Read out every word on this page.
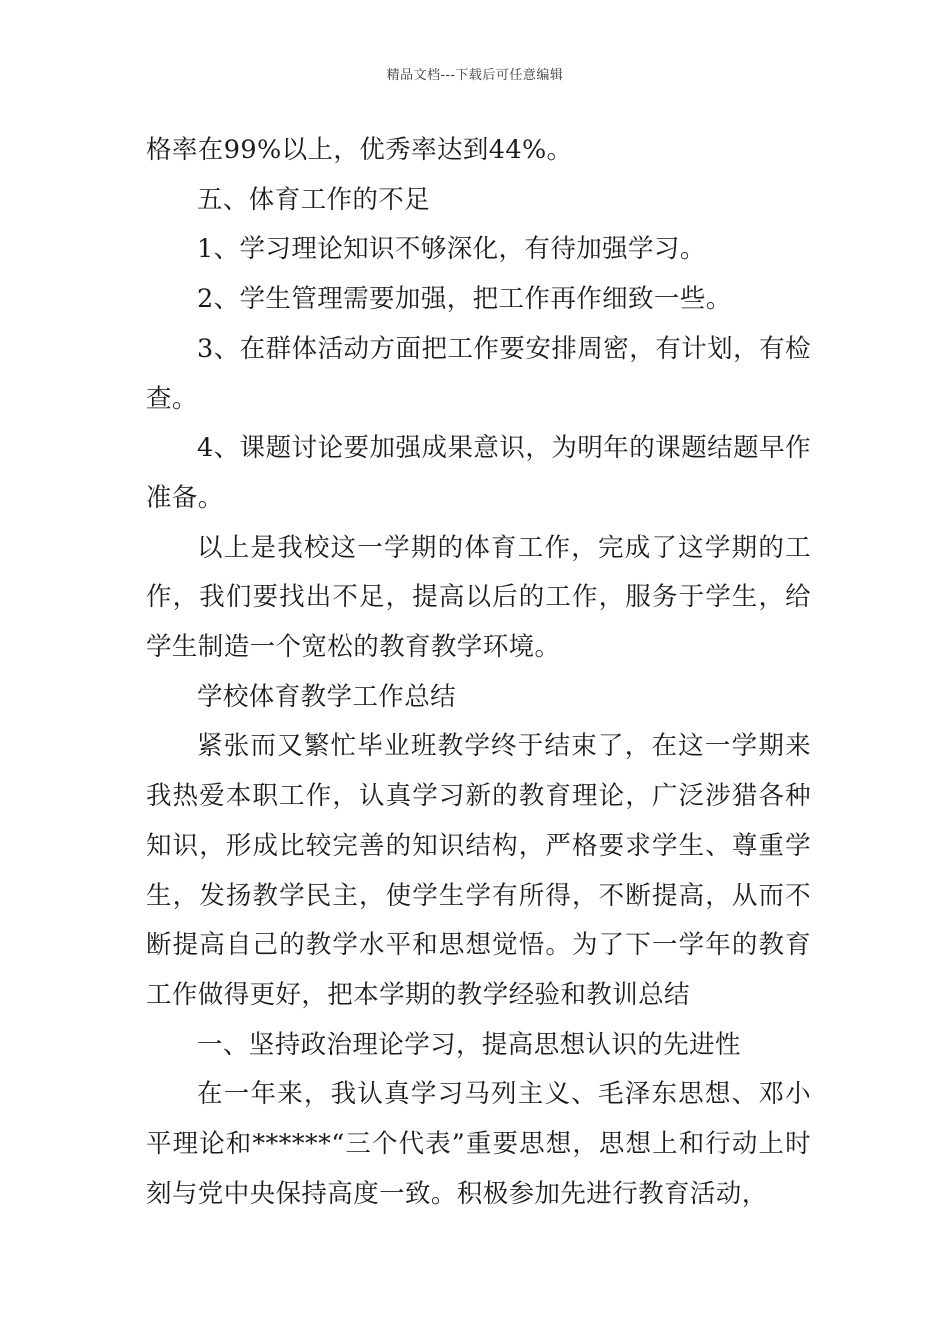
精品文档---下载后可任意编辑

格率在99%以上，优秀率达到44%。

五、体育工作的不足

1、学习理论知识不够深化，有待加强学习。

2、学生管理需要加强，把工作再作细致一些。

3、在群体活动方面把工作要安排周密，有计划，有检查。

4、课题讨论要加强成果意识，为明年的课题结题早作准备。

以上是我校这一学期的体育工作，完成了这学期的工作，我们要找出不足，提高以后的工作，服务于学生，给学生制造一个宽松的教育教学环境。

学校体育教学工作总结

紧张而又繁忙毕业班教学终于结束了，在这一学期来我热爱本职工作，认真学习新的教育理论，广泛涉猎各种知识，形成比较完善的知识结构，严格要求学生、尊重学生，发扬教学民主，使学生学有所得，不断提高，从而不断提高自己的教学水平和思想觉悟。为了下一学年的教育工作做得更好，把本学期的教学经验和教训总结

一、坚持政治理论学习，提高思想认识的先进性

在一年来，我认真学习马列主义、毛泽东思想、邓小平理论和******“三个代表”重要思想，思想上和行动上时刻与党中央保持高度一致。积极参加先进行教育活动，
